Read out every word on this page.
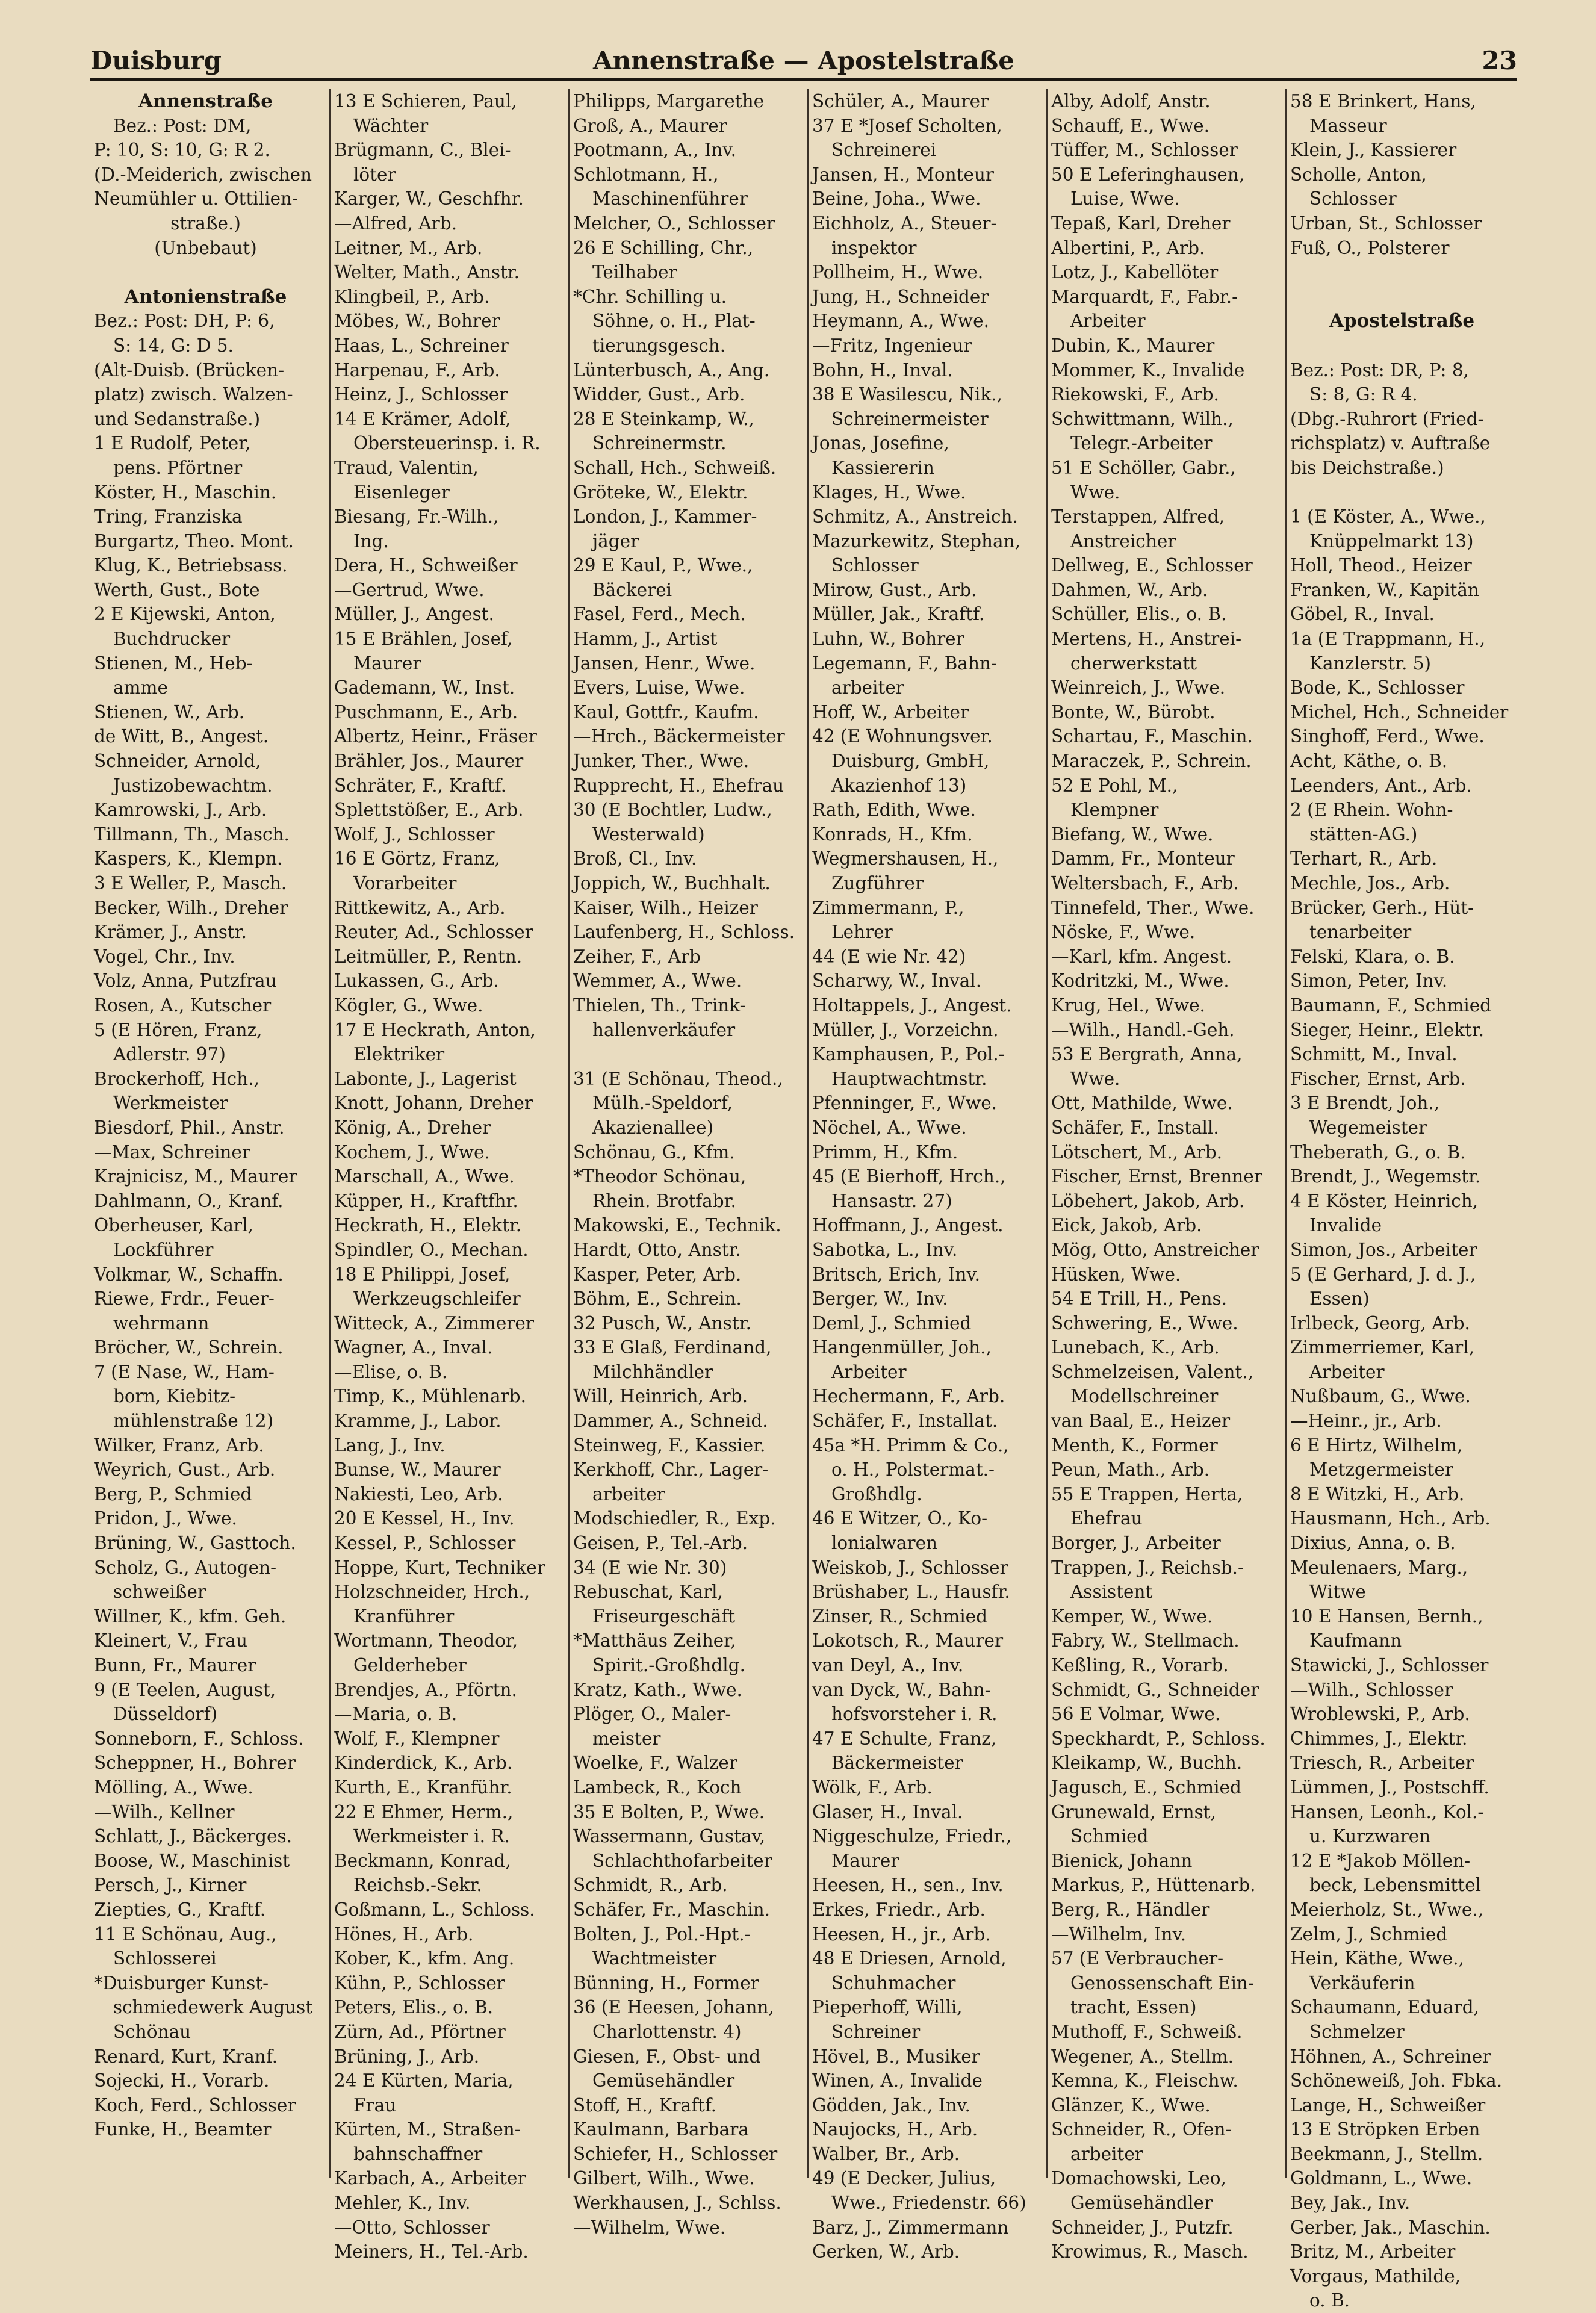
Duisburg	Annenstraße — Apostelstraße	23
Annenstraße
Bez.: Post: DM,
P: 10, S: 10, G: R 2.
(D.-Meiderich, zwischen
Neumühler u. Ottilien-
straße.)
(Unbebaut)
Antonienstraße
Bez.: Post: DH, P: 6,
S: 14, G: D 5.
(Alt-Duisb. (Brücken-
platz) zwisch. Walzen-
und Sedanstraße.)
1 E Rudolf, Peter,
pens. Pförtner
Köster, H., Maschin.
Tring, Franziska
Burgartz, Theo. Mont.
Klug, K., Betriebsass.
Werth, Gust., Bote
2 E Kijewski, Anton,
Buchdrucker
Stienen, M., Heb-
amme
Stienen, W., Arb.
de Witt, B., Angest.
Schneider, Arnold,
Justizobewachtm.
Kamrowski, J., Arb.
Tillmann, Th., Masch.
Kaspers, K., Klempn.
3 E Weller, P., Masch.
Becker, Wilh., Dreher
Krämer, J., Anstr.
Vogel, Chr., Inv.
Volz, Anna, Putzfrau
Rosen, A., Kutscher
5 (E Hören, Franz,
Adlerstr. 97)
Brockerhoff, Hch.,
Werkmeister
Biesdorf, Phil., Anstr.
—Max, Schreiner
Krajnicisz, M., Maurer
Dahlmann, O., Kranf.
Oberheuser, Karl,
Lockführer
Volkmar, W., Schaffn.
Riewe, Frdr., Feuer-
wehrmann
Bröcher, W., Schrein.
7 (E Nase, W., Ham-
born, Kiebitz-
mühlenstraße 12)
Wilker, Franz, Arb.
Weyrich, Gust., Arb.
Berg, P., Schmied
Pridon, J., Wwe.
Brüning, W., Gasttoch.
Scholz, G., Autogen-
schweißer
Willner, K., kfm. Geh.
Kleinert, V., Frau
Bunn, Fr., Maurer
9 (E Teelen, August,
Düsseldorf)
Sonneborn, F., Schloss.
Scheppner, H., Bohrer
Mölling, A., Wwe.
—Wilh., Kellner
Schlatt, J., Bäckerges.
Boose, W., Maschinist
Persch, J., Kirner
Ziepties, G., Kraftf.
11 E Schönau, Aug.,
Schlosserei
*Duisburger Kunst-
schmiedewerk August
Schönau
Renard, Kurt, Kranf.
Sojecki, H., Vorarb.
Koch, Ferd., Schlosser
Funke, H., Beamter
13 E Schieren, Paul,
Wächter
Brügmann, C., Blei-
löter
Karger, W., Geschfhr.
—Alfred, Arb.
Leitner, M., Arb.
Welter, Math., Anstr.
Klingbeil, P., Arb.
Möbes, W., Bohrer
Haas, L., Schreiner
Harpenau, F., Arb.
Heinz, J., Schlosser
14 E Krämer, Adolf,
Obersteuerinsp. i. R.
Traud, Valentin,
Eisenleger
Biesang, Fr.-Wilh.,
Ing.
Dera, H., Schweißer
—Gertrud, Wwe.
Müller, J., Angest.
15 E Brählen, Josef,
Maurer
Gademann, W., Inst.
Puschmann, E., Arb.
Albertz, Heinr., Fräser
Brähler, Jos., Maurer
Schräter, F., Kraftf.
Splettstößer, E., Arb.
Wolf, J., Schlosser
16 E Görtz, Franz,
Vorarbeiter
Rittkewitz, A., Arb.
Reuter, Ad., Schlosser
Leitmüller, P., Rentn.
Lukassen, G., Arb.
Kögler, G., Wwe.
17 E Heckrath, Anton,
Elektriker
Labonte, J., Lagerist
Knott, Johann, Dreher
König, A., Dreher
Kochem, J., Wwe.
Marschall, A., Wwe.
Küpper, H., Kraftfhr.
Heckrath, H., Elektr.
Spindler, O., Mechan.
18 E Philippi, Josef,
Werkzeugschleifer
Witteck, A., Zimmerer
Wagner, A., Inval.
—Elise, o. B.
Timp, K., Mühlenarb.
Kramme, J., Labor.
Lang, J., Inv.
Bunse, W., Maurer
Nakiesti, Leo, Arb.
20 E Kessel, H., Inv.
Kessel, P., Schlosser
Hoppe, Kurt, Techniker
Holzschneider, Hrch.,
Kranführer
Wortmann, Theodor,
Gelderheber
Brendjes, A., Pförtn.
—Maria, o. B.
Wolf, F., Klempner
Kinderdick, K., Arb.
Kurth, E., Kranführ.
22 E Ehmer, Herm.,
Werkmeister i. R.
Beckmann, Konrad,
Reichsb.-Sekr.
Goßmann, L., Schloss.
Hönes, H., Arb.
Kober, K., kfm. Ang.
Kühn, P., Schlosser
Peters, Elis., o. B.
Zürn, Ad., Pförtner
Brüning, J., Arb.
24 E Kürten, Maria,
Frau
Kürten, M., Straßen-
bahnschaffner
Karbach, A., Arbeiter
Mehler, K., Inv.
—Otto, Schlosser
Meiners, H., Tel.-Arb.
Philipps, Margarethe
Groß, A., Maurer
Pootmann, A., Inv.
Schlotmann, H.,
Maschinenführer
Melcher, O., Schlosser
26 E Schilling, Chr.,
Teilhaber
*Chr. Schilling u.
Söhne, o. H., Plat-
tierungsgesch.
Lünterbusch, A., Ang.
Widder, Gust., Arb.
28 E Steinkamp, W.,
Schreinermstr.
Schall, Hch., Schweiß.
Gröteke, W., Elektr.
London, J., Kammer-
jäger
29 E Kaul, P., Wwe.,
Bäckerei
Fasel, Ferd., Mech.
Hamm, J., Artist
Jansen, Henr., Wwe.
Evers, Luise, Wwe.
Kaul, Gottfr., Kaufm.
—Hrch., Bäckermeister
Junker, Ther., Wwe.
Rupprecht, H., Ehefrau
30 (E Bochtler, Ludw.,
Westerwald)
Broß, Cl., Inv.
Joppich, W., Buchhalt.
Kaiser, Wilh., Heizer
Laufenberg, H., Schloss.
Zeiher, F., Arb
Wemmer, A., Wwe.
Thielen, Th., Trink-
hallenverkäufer
31 (E Schönau, Theod.,
Mülh.-Speldorf,
Akazienallee)
Schönau, G., Kfm.
*Theodor Schönau,
Rhein. Brotfabr.
Makowski, E., Technik.
Hardt, Otto, Anstr.
Kasper, Peter, Arb.
Böhm, E., Schrein.
32 Pusch, W., Anstr.
33 E Glaß, Ferdinand,
Milchhändler
Will, Heinrich, Arb.
Dammer, A., Schneid.
Steinweg, F., Kassier.
Kerkhoff, Chr., Lager-
arbeiter
Modschiedler, R., Exp.
Geisen, P., Tel.-Arb.
34 (E wie Nr. 30)
Rebuschat, Karl,
Friseurgeschäft
*Matthäus Zeiher,
Spirit.-Großhdlg.
Kratz, Kath., Wwe.
Plöger, O., Maler-
meister
Woelke, F., Walzer
Lambeck, R., Koch
35 E Bolten, P., Wwe.
Wassermann, Gustav,
Schlachthofarbeiter
Schmidt, R., Arb.
Schäfer, Fr., Maschin.
Bolten, J., Pol.-Hpt.-
Wachtmeister
Bünning, H., Former
36 (E Heesen, Johann,
Charlottenstr. 4)
Giesen, F., Obst- und
Gemüsehändler
Stoff, H., Kraftf.
Kaulmann, Barbara
Schiefer, H., Schlosser
Gilbert, Wilh., Wwe.
Werkhausen, J., Schlss.
—Wilhelm, Wwe.
Schüler, A., Maurer
37 E *Josef Scholten,
Schreinerei
Jansen, H., Monteur
Beine, Joha., Wwe.
Eichholz, A., Steuer-
inspektor
Pollheim, H., Wwe.
Jung, H., Schneider
Heymann, A., Wwe.
—Fritz, Ingenieur
Bohn, H., Inval.
38 E Wasilescu, Nik.,
Schreinermeister
Jonas, Josefine,
Kassiererin
Klages, H., Wwe.
Schmitz, A., Anstreich.
Mazurkewitz, Stephan,
Schlosser
Mirow, Gust., Arb.
Müller, Jak., Kraftf.
Luhn, W., Bohrer
Legemann, F., Bahn-
arbeiter
Hoff, W., Arbeiter
42 (E Wohnungsver.
Duisburg, GmbH,
Akazienhof 13)
Rath, Edith, Wwe.
Konrads, H., Kfm.
Wegmershausen, H.,
Zugführer
Zimmermann, P.,
Lehrer
44 (E wie Nr. 42)
Scharwy, W., Inval.
Holtappels, J., Angest.
Müller, J., Vorzeichn.
Kamphausen, P., Pol.-
Hauptwachtmstr.
Pfenninger, F., Wwe.
Nöchel, A., Wwe.
Primm, H., Kfm.
45 (E Bierhoff, Hrch.,
Hansastr. 27)
Hoffmann, J., Angest.
Sabotka, L., Inv.
Britsch, Erich, Inv.
Berger, W., Inv.
Deml, J., Schmied
Hangenmüller, Joh.,
Arbeiter
Hechermann, F., Arb.
Schäfer, F., Installat.
45a *H. Primm & Co.,
o. H., Polstermat.-
Großhdlg.
46 E Witzer, O., Ko-
lonialwaren
Weiskob, J., Schlosser
Brüshaber, L., Hausfr.
Zinser, R., Schmied
Lokotsch, R., Maurer
van Deyl, A., Inv.
van Dyck, W., Bahn-
hofsvorsteher i. R.
47 E Schulte, Franz,
Bäckermeister
Wölk, F., Arb.
Glaser, H., Inval.
Niggeschulze, Friedr.,
Maurer
Heesen, H., sen., Inv.
Erkes, Friedr., Arb.
Heesen, H., jr., Arb.
48 E Driesen, Arnold,
Schuhmacher
Pieperhoff, Willi,
Schreiner
Hövel, B., Musiker
Winen, A., Invalide
Gödden, Jak., Inv.
Naujocks, H., Arb.
Walber, Br., Arb.
49 (E Decker, Julius,
Wwe., Friedenstr. 66)
Barz, J., Zimmermann
Gerken, W., Arb.
Alby, Adolf, Anstr.
Schauff, E., Wwe.
Tüffer, M., Schlosser
50 E Leferinghausen,
Luise, Wwe.
Tepaß, Karl, Dreher
Albertini, P., Arb.
Lotz, J., Kabellöter
Marquardt, F., Fabr.-
Arbeiter
Dubin, K., Maurer
Mommer, K., Invalide
Riekowski, F., Arb.
Schwittmann, Wilh.,
Telegr.-Arbeiter
51 E Schöller, Gabr.,
Wwe.
Terstappen, Alfred,
Anstreicher
Dellweg, E., Schlosser
Dahmen, W., Arb.
Schüller, Elis., o. B.
Mertens, H., Anstrei-
cherwerkstatt
Weinreich, J., Wwe.
Bonte, W., Bürobt.
Schartau, F., Maschin.
Maraczek, P., Schrein.
52 E Pohl, M.,
Klempner
Biefang, W., Wwe.
Damm, Fr., Monteur
Weltersbach, F., Arb.
Tinnefeld, Ther., Wwe.
Nöske, F., Wwe.
—Karl, kfm. Angest.
Kodritzki, M., Wwe.
Krug, Hel., Wwe.
—Wilh., Handl.-Geh.
53 E Bergrath, Anna,
Wwe.
Ott, Mathilde, Wwe.
Schäfer, F., Install.
Lötschert, M., Arb.
Fischer, Ernst, Brenner
Löbehert, Jakob, Arb.
Eick, Jakob, Arb.
Mög, Otto, Anstreicher
Hüsken, Wwe.
54 E Trill, H., Pens.
Schwering, E., Wwe.
Lunebach, K., Arb.
Schmelzeisen, Valent.,
Modellschreiner
van Baal, E., Heizer
Menth, K., Former
Peun, Math., Arb.
55 E Trappen, Herta,
Ehefrau
Borger, J., Arbeiter
Trappen, J., Reichsb.-
Assistent
Kemper, W., Wwe.
Fabry, W., Stellmach.
Keßling, R., Vorarb.
Schmidt, G., Schneider
56 E Volmar, Wwe.
Speckhardt, P., Schloss.
Kleikamp, W., Buchh.
Jagusch, E., Schmied
Grunewald, Ernst,
Schmied
Bienick, Johann
Markus, P., Hüttenarb.
Berg, R., Händler
—Wilhelm, Inv.
57 (E Verbraucher-
Genossenschaft Ein-
tracht, Essen)
Muthoff, F., Schweiß.
Wegener, A., Stellm.
Kemna, K., Fleischw.
Glänzer, K., Wwe.
Schneider, R., Ofen-
arbeiter
Domachowski, Leo,
Gemüsehändler
Schneider, J., Putzfr.
Krowimus, R., Masch.
58 E Brinkert, Hans,
Masseur
Klein, J., Kassierer
Scholle, Anton,
Schlosser
Urban, St., Schlosser
Fuß, O., Polsterer
Apostelstraße
Bez.: Post: DR, P: 8,
S: 8, G: R 4.
(Dbg.-Ruhrort (Fried-
richsplatz) v. Auftraße
bis Deichstraße.)
1 (E Köster, A., Wwe.,
Knüppelmarkt 13)
Holl, Theod., Heizer
Franken, W., Kapitän
Göbel, R., Inval.
1a (E Trappmann, H.,
Kanzlerstr. 5)
Bode, K., Schlosser
Michel, Hch., Schneider
Singhoff, Ferd., Wwe.
Acht, Käthe, o. B.
Leenders, Ant., Arb.
2 (E Rhein. Wohn-
stätten-AG.)
Terhart, R., Arb.
Mechle, Jos., Arb.
Brücker, Gerh., Hüt-
tenarbeiter
Felski, Klara, o. B.
Simon, Peter, Inv.
Baumann, F., Schmied
Sieger, Heinr., Elektr.
Schmitt, M., Inval.
Fischer, Ernst, Arb.
3 E Brendt, Joh.,
Wegemeister
Theberath, G., o. B.
Brendt, J., Wegemstr.
4 E Köster, Heinrich,
Invalide
Simon, Jos., Arbeiter
5 (E Gerhard, J. d. J.,
Essen)
Irlbeck, Georg, Arb.
Zimmerriemer, Karl,
Arbeiter
Nußbaum, G., Wwe.
—Heinr., jr., Arb.
6 E Hirtz, Wilhelm,
Metzgermeister
8 E Witzki, H., Arb.
Hausmann, Hch., Arb.
Dixius, Anna, o. B.
Meulenaers, Marg.,
Witwe
10 E Hansen, Bernh.,
Kaufmann
Stawicki, J., Schlosser
—Wilh., Schlosser
Wroblewski, P., Arb.
Chimmes, J., Elektr.
Triesch, R., Arbeiter
Lümmen, J., Postschff.
Hansen, Leonh., Kol.-
u. Kurzwaren
12 E *Jakob Möllen-
beck, Lebensmittel
Meierholz, St., Wwe.,
Zelm, J., Schmied
Hein, Käthe, Wwe.,
Verkäuferin
Schaumann, Eduard,
Schmelzer
Höhnen, A., Schreiner
Schöneweiß, Joh. Fbka.
Lange, H., Schweißer
13 E Ströpken Erben
Beekmann, J., Stellm.
Goldmann, L., Wwe.
Bey, Jak., Inv.
Gerber, Jak., Maschin.
Britz, M., Arbeiter
Vorgaus, Mathilde,
o. B.
